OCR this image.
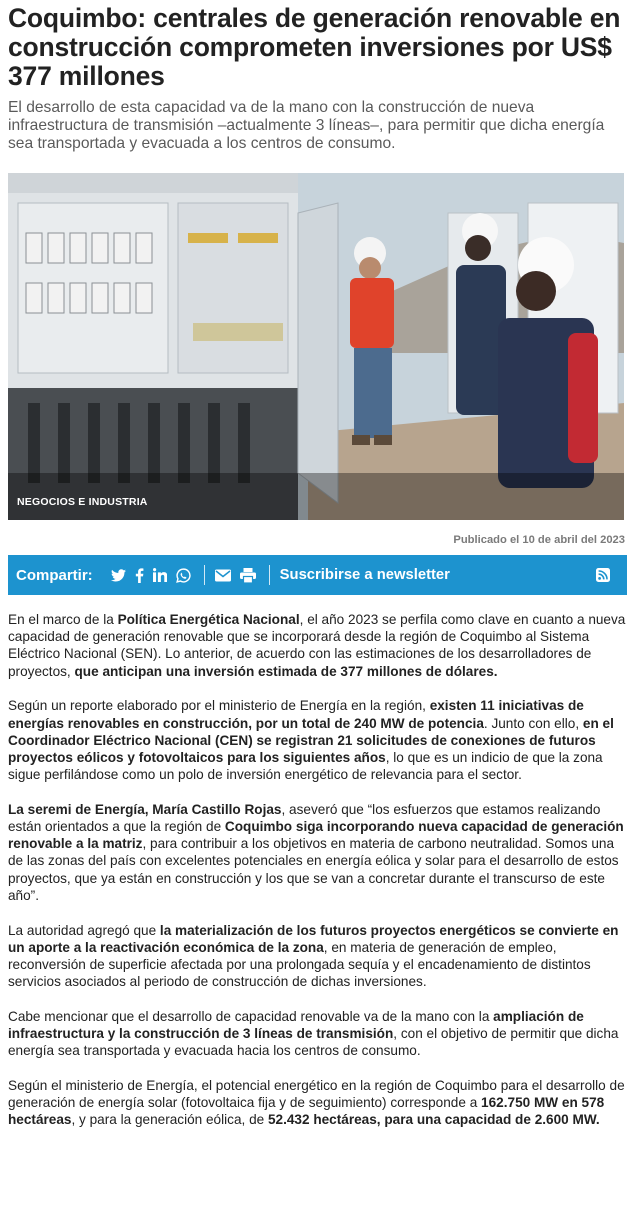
Coquimbo: centrales de generación renovable en construcción comprometen inversiones por US$ 377 millones

El desarrollo de esta capacidad va de la mano con la construcción de nueva infraestructura de transmisión –actualmente 3 líneas–, para permitir que dicha energía sea transportada y evacuada a los centros de consumo.

NEGOCIOS E INDUSTRIA
Publicado el 10 de abril del 2023
Compartir:	Suscribirse a newsletter

En el marco de la Política Energética Nacional, el año 2023 se perfila como clave en cuanto a nueva capacidad de generación renovable que se incorporará desde la región de Coquimbo al Sistema Eléctrico Nacional (SEN). Lo anterior, de acuerdo con las estimaciones de los desarrolladores de proyectos, que anticipan una inversión estimada de 377 millones de dólares.

Según un reporte elaborado por el ministerio de Energía en la región, existen 11 iniciativas de energías renovables en construcción, por un total de 240 MW de potencia. Junto con ello, en el Coordinador Eléctrico Nacional (CEN) se registran 21 solicitudes de conexiones de futuros proyectos eólicos y fotovoltaicos para los siguientes años, lo que es un indicio de que la zona sigue perfilándose como un polo de inversión energético de relevancia para el sector.

La seremi de Energía, María Castillo Rojas, aseveró que “los esfuerzos que estamos realizando están orientados a que la región de Coquimbo siga incorporando nueva capacidad de generación renovable a la matriz, para contribuir a los objetivos en materia de carbono neutralidad. Somos una de las zonas del país con excelentes potenciales en energía eólica y solar para el desarrollo de estos proyectos, que ya están en construcción y los que se van a concretar durante el transcurso de este año”.

La autoridad agregó que la materialización de los futuros proyectos energéticos se convierte en un aporte a la reactivación económica de la zona, en materia de generación de empleo, reconversión de superficie afectada por una prolongada sequía y el encadenamiento de distintos servicios asociados al periodo de construcción de dichas inversiones.

Cabe mencionar que el desarrollo de capacidad renovable va de la mano con la ampliación de infraestructura y la construcción de 3 líneas de transmisión, con el objetivo de permitir que dicha energía sea transportada y evacuada hacia los centros de consumo.

Según el ministerio de Energía, el potencial energético en la región de Coquimbo para el desarrollo de generación de energía solar (fotovoltaica fija y de seguimiento) corresponde a 162.750 MW en 578 hectáreas, y para la generación eólica, de 52.432 hectáreas, para una capacidad de 2.600 MW.
